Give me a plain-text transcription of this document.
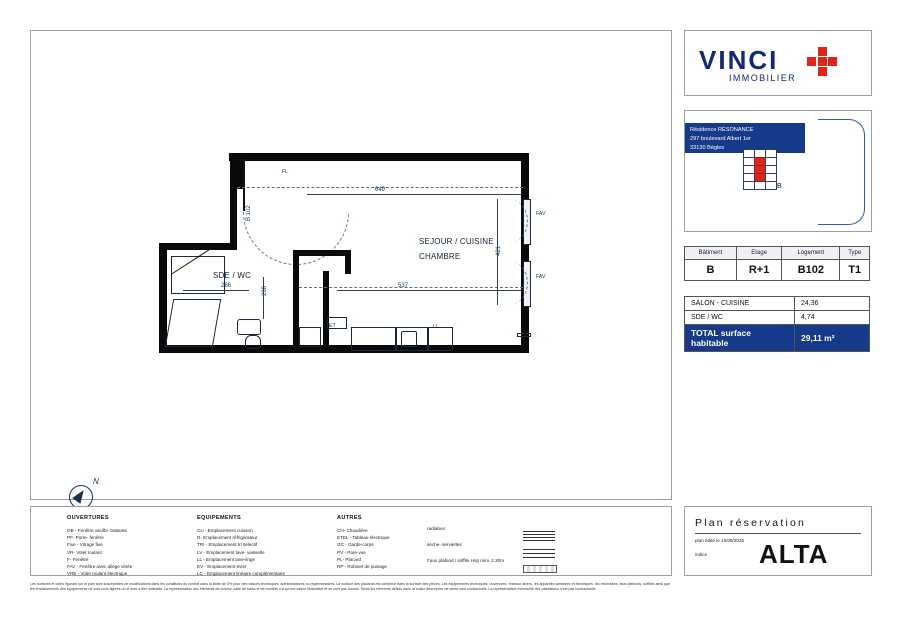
649
537
266
421
208
B 102
SEJOUR / CUISINE
CHAMBRE
SDE / WC
FL
FAV
FAV
ET	LL
N
VINCI
IMMOBILIER
Résidence RÉSONANCE
297 boulevard Albert 1er
33130 Bègles
B
Bâtiment	Etage	Logement	Type
B	R+1	B102	T1
SALON - CUISINE	24,36
SDE / WC	4,74
TOTAL surface habitable	29,11 m²
OUVERTURES
OB - Fenêtre oscillo- battante
PF- Porte- fenêtre
Fixe - Vitrage fixe
VR- Volet roulant
F- Fenêtre
FAV - Fenêtre avec allège vitrée
VRE - Volet roulant électrique
EQUIPEMENTS
CU - Emplacement cuisson
R- Emplacement réfrigérateur
TRI - Emplacement tri sélectif
LV - Emplacement lave- vaisselle
LL - Emplacement lave-linge
EV - Emplacement évier
LC - Emplacement linéaire complémentaire
AUTRES
CH- Chaudière
ETEL - Tableau électrique
GC - Garde-corps
PV - Pare-vue
PL- Placard
RP - Robinet de puisage
radiateur
sèche- serviettes
Faux plafond / soffite Hsp mini. 2.20m
Les surfaces et côtes figurant sur le plan sont susceptibles de modifications dans les conditions du contrat dans la limite de 5% pour des raisons techniques, administratives ou réglementaires. La surface des placards est comprise dans la surface des pièces. Les équipements techniques, ouvertures, réseaux divers, les appareils sanitaires et électriques, les retombées, faux-plafonds, soffites ainsi que les emplacements des équipements ne sont sous figurés ou le sont à titre indicatifs. La représentation des éléments de cuisine, salle de bains et de mobilier n'a qu'une valeur illustrative et ne sont pas fournis. Seuls les éléments définis dans la notice descriptive de vente sont contractuels. La représentation éventuelle des plantations n'est pas contractuelle.
Plan réservation
plan édité le 16/09/2025
indice ALTA
